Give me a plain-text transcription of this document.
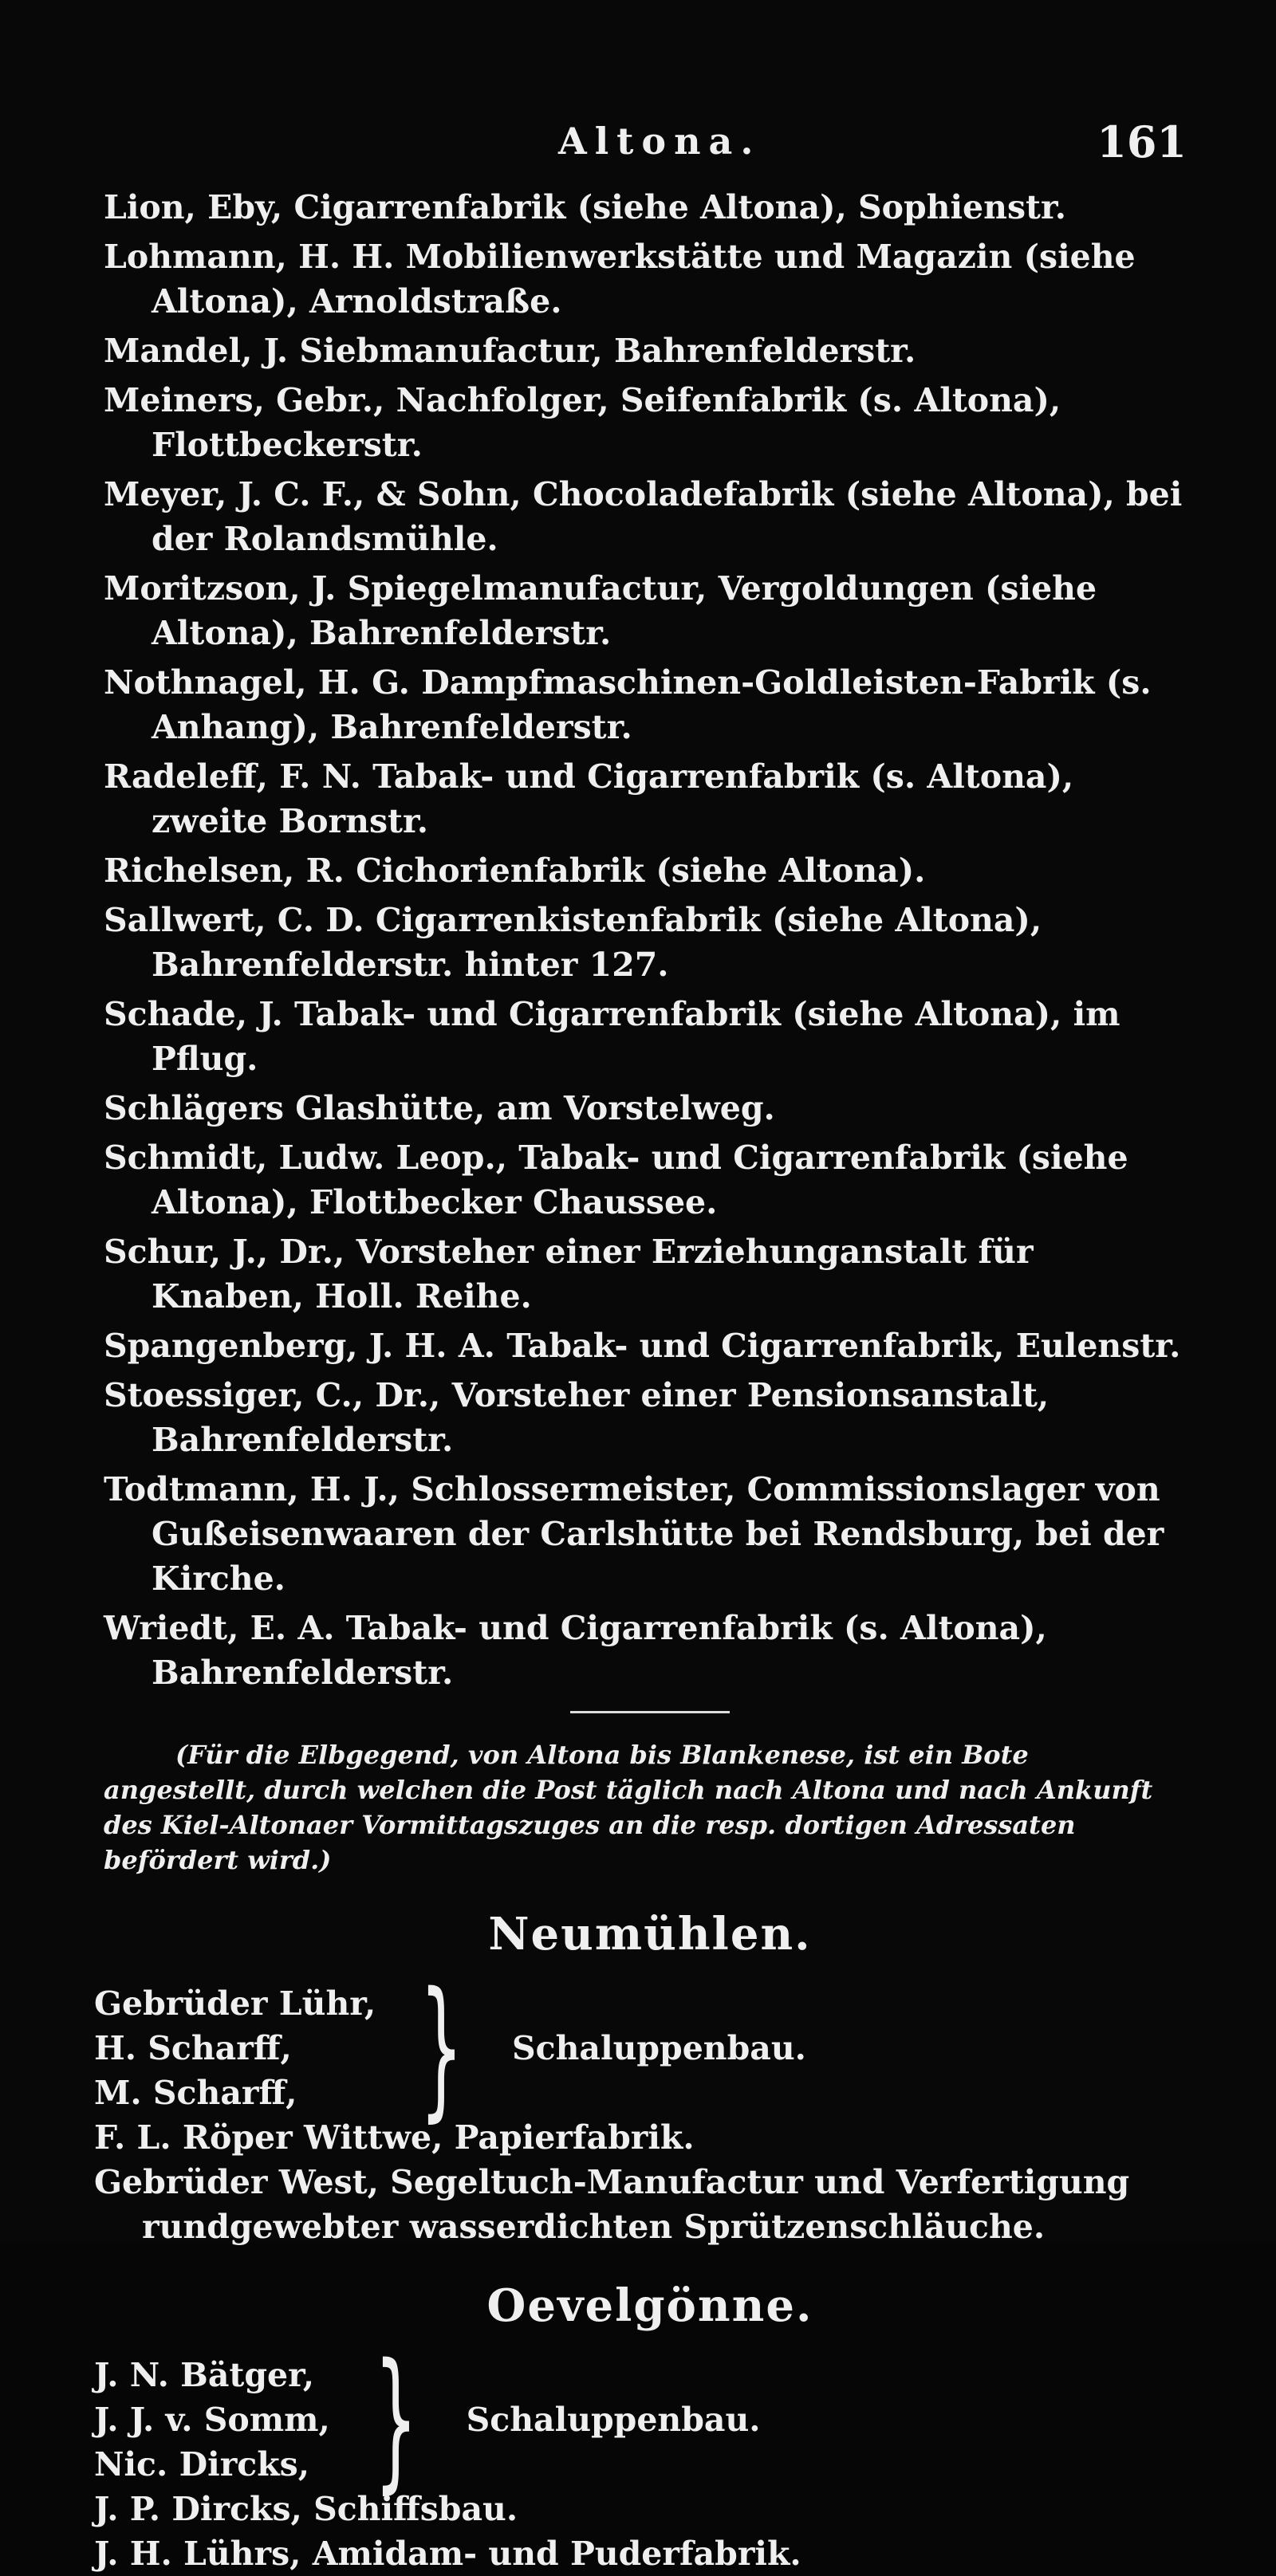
Altona.	161
Lion, Eby, Cigarrenfabrik (siehe Altona), Sophienstr.
Lohmann, H. H. Mobilienwerkstätte und Magazin (siehe Altona), Arnoldstraße.
Mandel, J. Siebmanufactur, Bahrenfelderstr.
Meiners, Gebr., Nachfolger, Seifenfabrik (s. Altona), Flottbeckerstr.
Meyer, J. C. F., & Sohn, Chocoladefabrik (siehe Altona), bei der Rolandsmühle.
Moritzson, J. Spiegelmanufactur, Vergoldungen (siehe Altona), Bahrenfelderstr.
Nothnagel, H. G. Dampfmaschinen-Goldleisten-Fabrik (s. Anhang), Bahrenfelderstr.
Radeleff, F. N. Tabak- und Cigarrenfabrik (s. Altona), zweite Bornstr.
Richelsen, R. Cichorienfabrik (siehe Altona).
Sallwert, C. D. Cigarrenkistenfabrik (siehe Altona), Bahrenfelderstr. hinter 127.
Schade, J. Tabak- und Cigarrenfabrik (siehe Altona), im Pflug.
Schlägers Glashütte, am Vorstelweg.
Schmidt, Ludw. Leop., Tabak- und Cigarrenfabrik (siehe Altona), Flottbecker Chaussee.
Schur, J., Dr., Vorsteher einer Erziehunganstalt für Knaben, Holl. Reihe.
Spangenberg, J. H. A. Tabak- und Cigarrenfabrik, Eulenstr.
Stoessiger, C., Dr., Vorsteher einer Pensionsanstalt, Bahrenfelderstr.
Todtmann, H. J., Schlossermeister, Commissionslager von Gußeisenwaaren der Carlshütte bei Rendsburg, bei der Kirche.
Wriedt, E. A. Tabak- und Cigarrenfabrik (s. Altona), Bahrenfelderstr.
(Für die Elbgegend, von Altona bis Blankenese, ist ein Bote angestellt, durch welchen die Post täglich nach Altona und nach Ankunft des Kiel-Altonaer Vormittagszuges an die resp. dortigen Adressaten befördert wird.)
Neumühlen.
Gebrüder Lühr,
H. Scharff,
M. Scharff, } Schaluppenbau.
F. L. Röper Wittwe, Papierfabrik.
Gebrüder West, Segeltuch-Manufactur und Verfertigung rundgewebter wasserdichten Sprützenschläuche.
Oevelgönne.
J. N. Bätger,
J. J. v. Somm,
Nic. Dircks, } Schaluppenbau.
J. P. Dircks, Schiffsbau.
J. H. Lührs, Amidam- und Puderfabrik.
